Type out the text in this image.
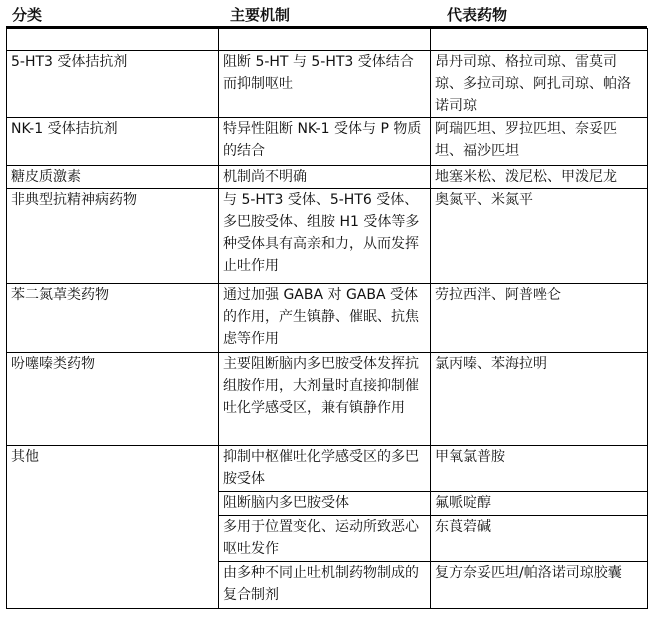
分类	主要机制	代表药物

5-HT3 受体拮抗剂	阻断 5-HT 与 5-HT3 受体结合而抑制呕吐	昂丹司琼、格拉司琼、雷莫司琼、多拉司琼、阿扎司琼、帕洛诺司琼
NK-1 受体拮抗剂	特异性阻断 NK-1 受体与 P 物质的结合	阿瑞匹坦、罗拉匹坦、奈妥匹坦、福沙匹坦
糖皮质激素	机制尚不明确	地塞米松、泼尼松、甲泼尼龙
非典型抗精神病药物	与 5-HT3 受体、5-HT6 受体、多巴胺受体、组胺 H1 受体等多种受体具有高亲和力，从而发挥止吐作用	奥氮平、米氮平
苯二氮䓬类药物	通过加强 GABA 对 GABA 受体的作用，产生镇静、催眠、抗焦虑等作用	劳拉西泮、阿普唑仑
吩噻嗪类药物	主要阻断脑内多巴胺受体发挥抗组胺作用，大剂量时直接抑制催吐化学感受区，兼有镇静作用	氯丙嗪、苯海拉明
其他	抑制中枢催吐化学感受区的多巴胺受体	甲氧氯普胺
	阻断脑内多巴胺受体	氟哌啶醇
	多用于位置变化、运动所致恶心呕吐发作	东莨菪碱
	由多种不同止吐机制药物制成的复合制剂	复方奈妥匹坦/帕洛诺司琼胶囊
